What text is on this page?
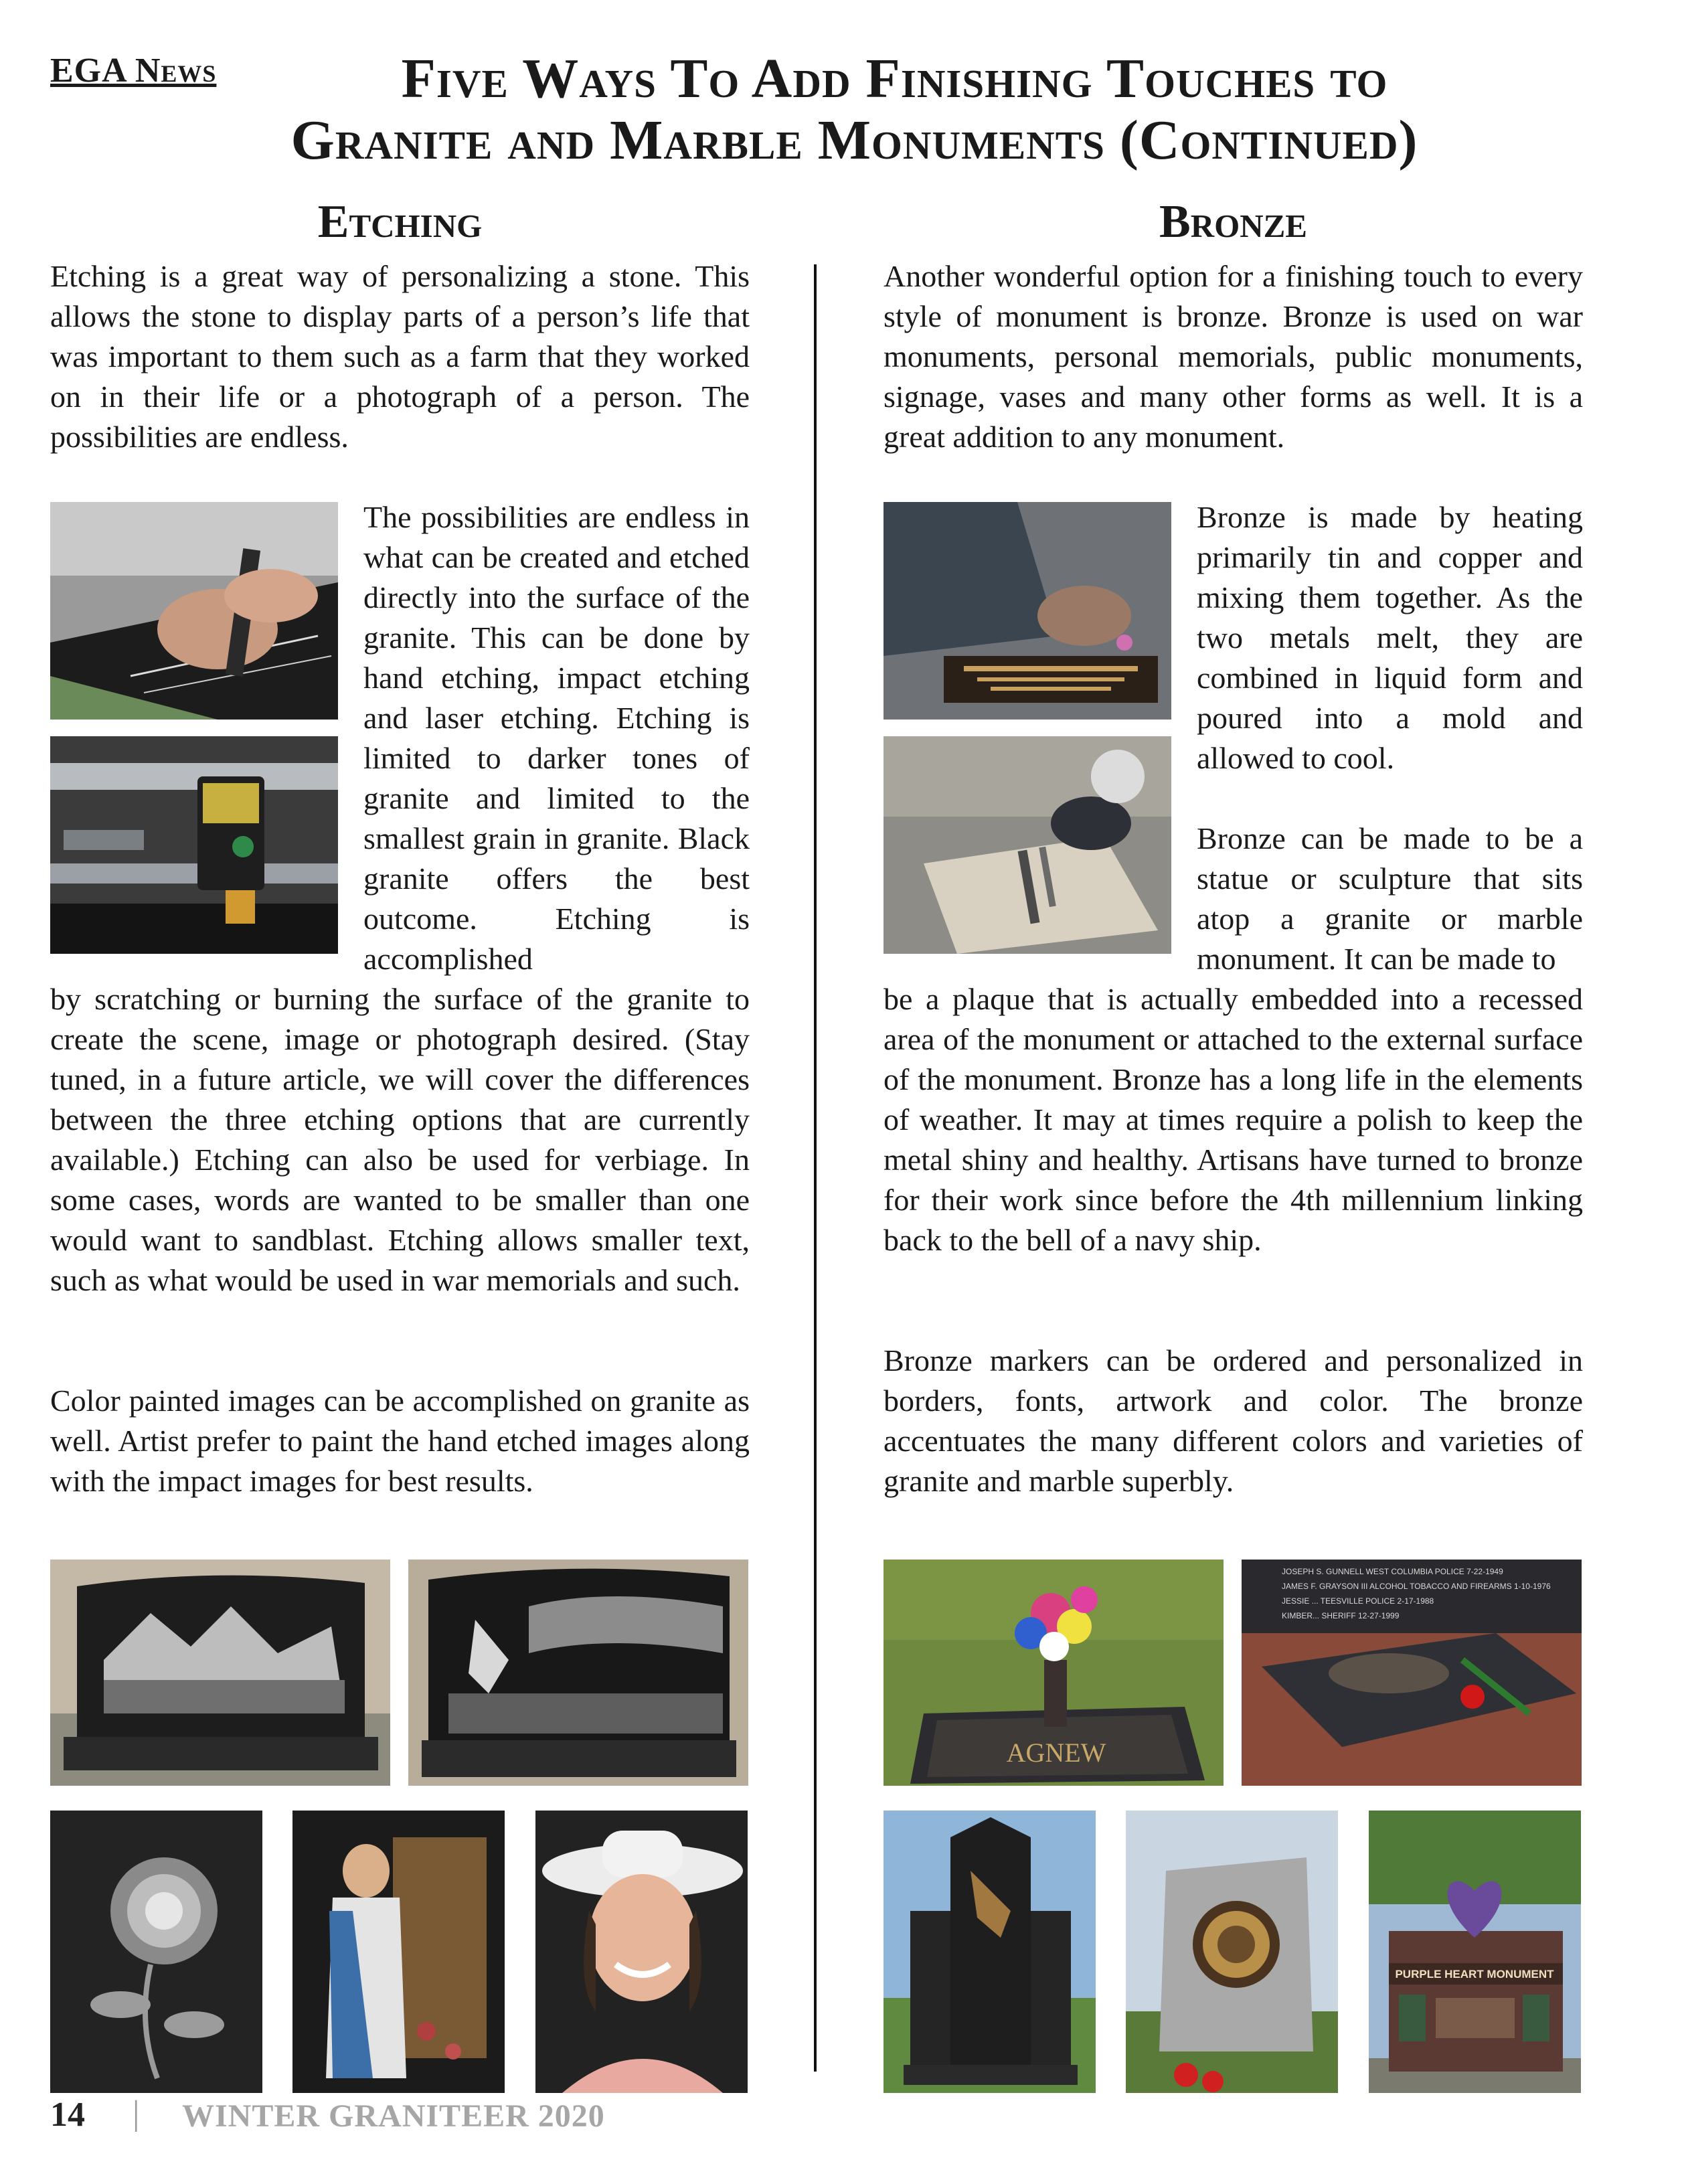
EGA News	Five Ways To Add Finishing Touches to
Granite and Marble Monuments (Continued)
Etching	Bronze

Etching is a great way of personalizing a stone. This allows the stone to display parts of a person’s life that was important to them such as a farm that they worked on in their life or a photograph of a person. The possibilities are endless.

The possibilities are endless in what can be created and etched directly into the surface of the granite. This can be done by hand etching, impact etching and laser etching. Etching is limited to darker tones of granite and limited to the smallest grain in granite. Black granite offers the best outcome. Etching is accomplished

by scratching or burning the surface of the granite to create the scene, image or photograph desired. (Stay tuned, in a future article, we will cover the differences between the three etching options that are currently available.) Etching can also be used for verbiage. In some cases, words are wanted to be smaller than one would want to sandblast. Etching allows smaller text, such as what would be used in war memorials and such.

Color painted images can be accomplished on granite as well. Artist prefer to paint the hand etched images along with the impact images for best results.

Another wonderful option for a finishing touch to every style of monument is bronze. Bronze is used on war monuments, personal memorials, public monuments, signage, vases and many other forms as well. It is a great addition to any monument.

Bronze is made by heating primarily tin and copper and mixing them together. As the two metals melt, they are combined in liquid form and poured into a mold and allowed to cool.

Bronze can be made to be a statue or sculpture that sits atop a granite or marble monument. It can be made to

be a plaque that is actually embedded into a recessed area of the monument or attached to the external surface of the monument. Bronze has a long life in the elements of weather. It may at times require a polish to keep the metal shiny and healthy. Artisans have turned to bronze for their work since before the 4th millennium linking back to the bell of a navy ship.

Bronze markers can be ordered and personalized in borders, fonts, artwork and color. The bronze accentuates the many different colors and varieties of granite and marble superbly.

AGNEW
JOSEPH S. GUNNELL WEST COLUMBIA POLICE 7-22-1949
JAMES F. GRAYSON III ALCOHOL TOBACCO AND FIREARMS 1-10-1976
JESSIE ... TEESVILLE POLICE 2-17-1988
KIMBER... SHERIFF 12-27-1999
PURPLE HEART MONUMENT
14 | WINTER GRANITEER 2020
